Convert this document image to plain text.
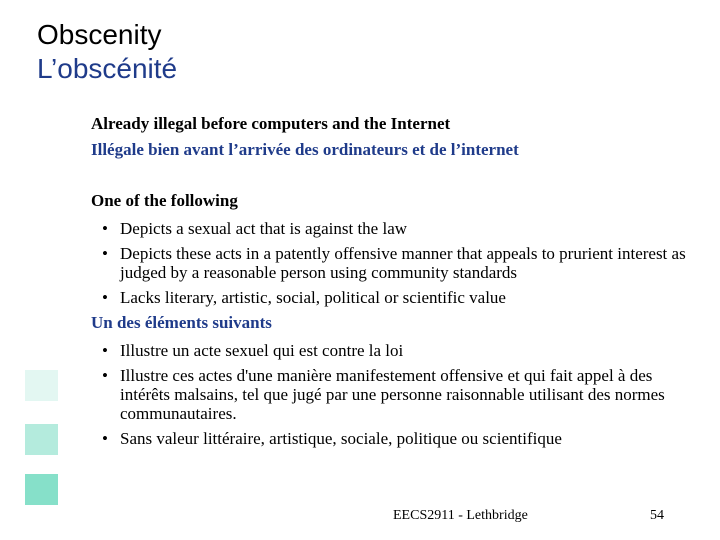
Obscenity
L’obscénité
Already illegal before computers and the Internet
Illégale bien avant l’arrivée des ordinateurs et de l’internet
One of the following
• Depicts a sexual act that is against the law
• Depicts these acts in a patently offensive manner that appeals to prurient interest as judged by a reasonable person using community standards
• Lacks literary, artistic, social, political or scientific value
Un des éléments suivants
• Illustre un acte sexuel qui est contre la loi
• Illustre ces actes d'une manière manifestement offensive et qui fait appel à des intérêts malsains, tel que jugé par une personne raisonnable utilisant des normes communautaires.
• Sans valeur littéraire, artistique, sociale, politique ou scientifique
EECS2911 - Lethbridge	54
